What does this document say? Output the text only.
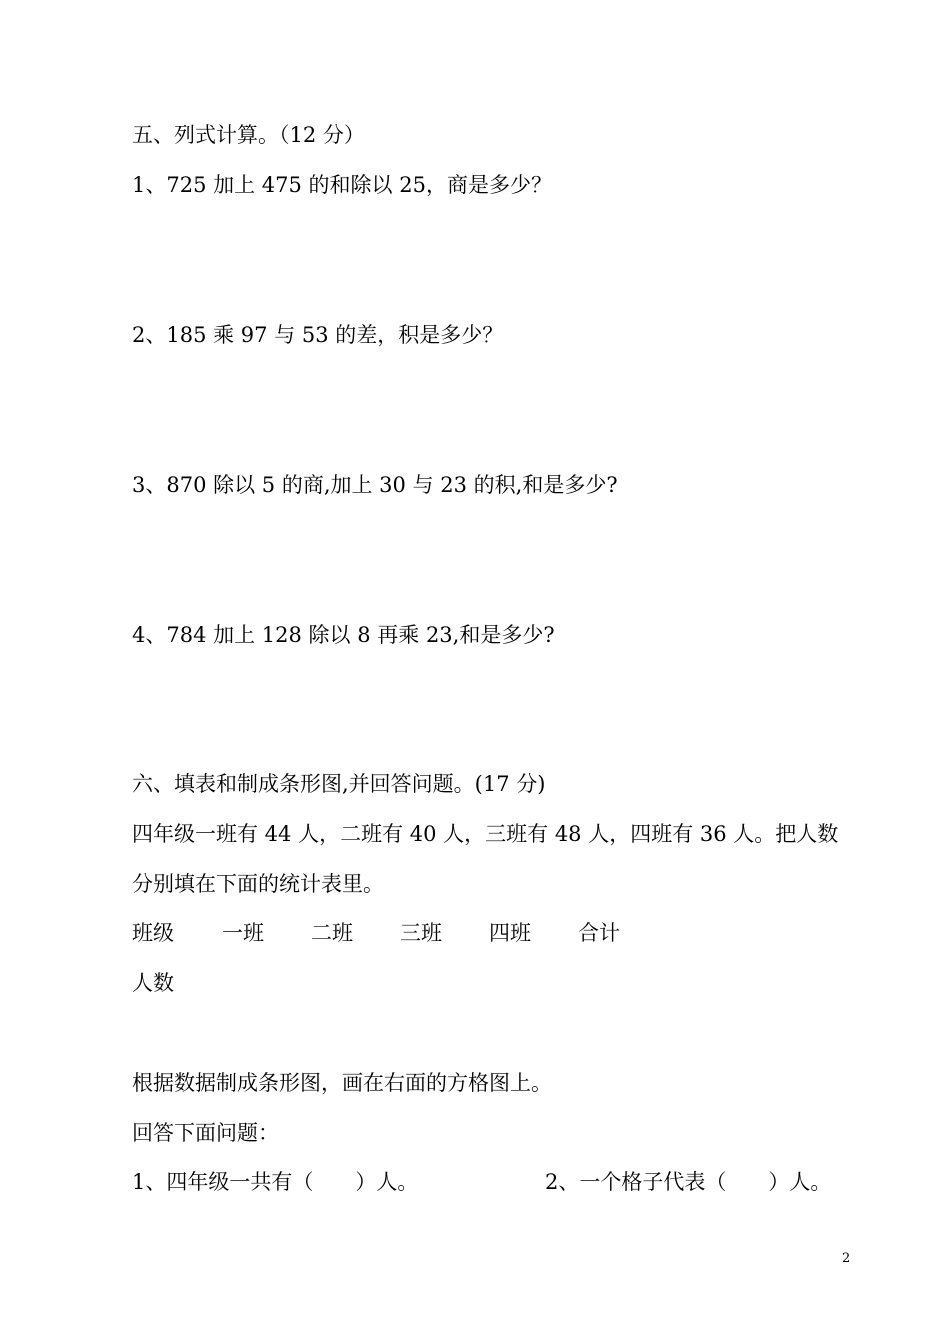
五、列式计算。（12 分）
1、725 加上 475 的和除以 25，商是多少？
2、185 乘 97 与 53 的差，积是多少？
3、870 除以 5 的商,加上 30 与 23 的积,和是多少?
4、784 加上 128 除以 8 再乘 23,和是多少?
六、填表和制成条形图,并回答问题。(17 分)
四年级一班有 44 人，二班有 40 人，三班有 48 人，四班有 36 人。把人数
分别填在下面的统计表里。
班级 一班 二班 三班 四班 合计
人数
根据数据制成条形图，画在右面的方格图上。
回答下面问题：
1、四年级一共有（　　）人。	2、一个格子代表（　　）人。
2
